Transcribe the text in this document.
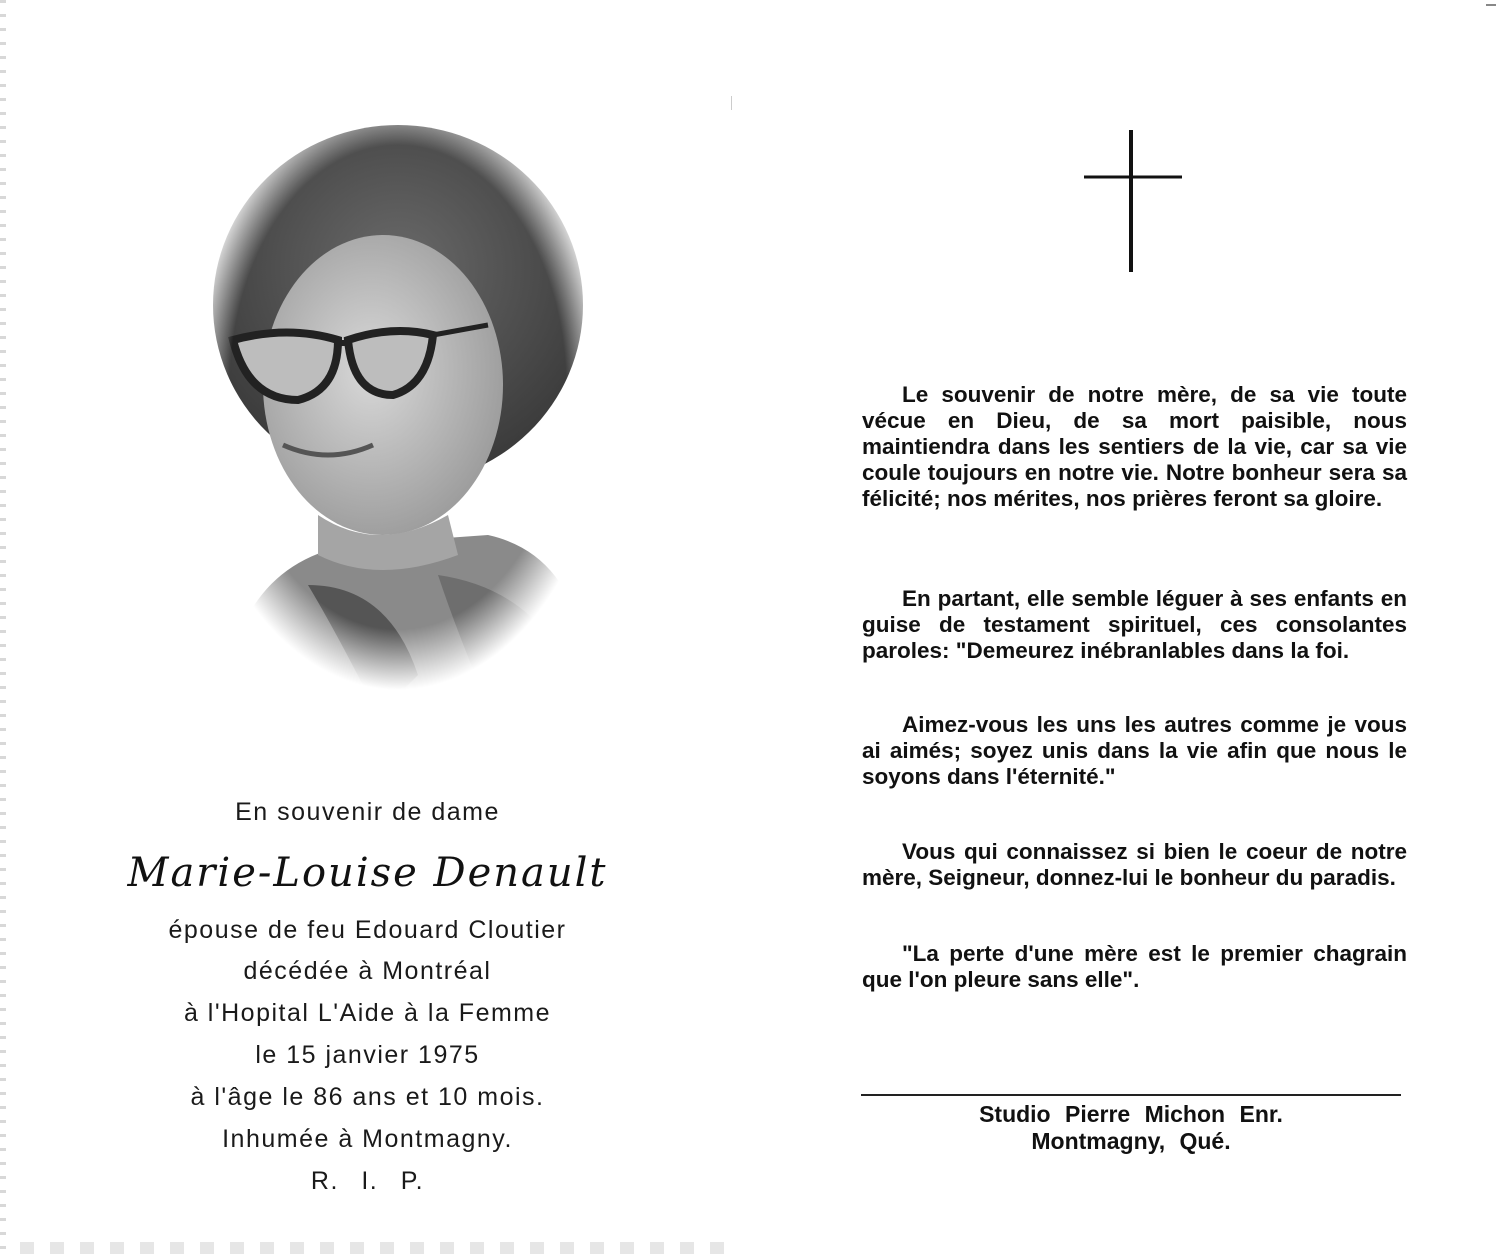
En souvenir de dame
Marie-Louise Denault
épouse de feu Edouard Cloutier
décédée à Montréal
à l'Hopital L'Aide à la Femme
le 15 janvier 1975
à l'âge le 86 ans et 10 mois.
Inhumée à Montmagny.
R. I. P.

Le souvenir de notre mère, de sa vie toute vécue en Dieu, de sa mort paisible, nous maintiendra dans les sentiers de la vie, car sa vie coule toujours en notre vie. Notre bonheur sera sa félicité; nos mérites, nos prières feront sa gloire.

En partant, elle semble léguer à ses enfants en guise de testament spirituel, ces consolantes paroles: "Demeurez inébranlables dans la foi.

Aimez-vous les uns les autres comme je vous ai aimés; soyez unis dans la vie afin que nous le soyons dans l'éternité."

Vous qui connaissez si bien le coeur de notre mère, Seigneur, donnez-lui le bonheur du paradis.

"La perte d'une mère est le premier chagrain que l'on pleure sans elle".

Studio Pierre Michon Enr.
Montmagny, Qué.
